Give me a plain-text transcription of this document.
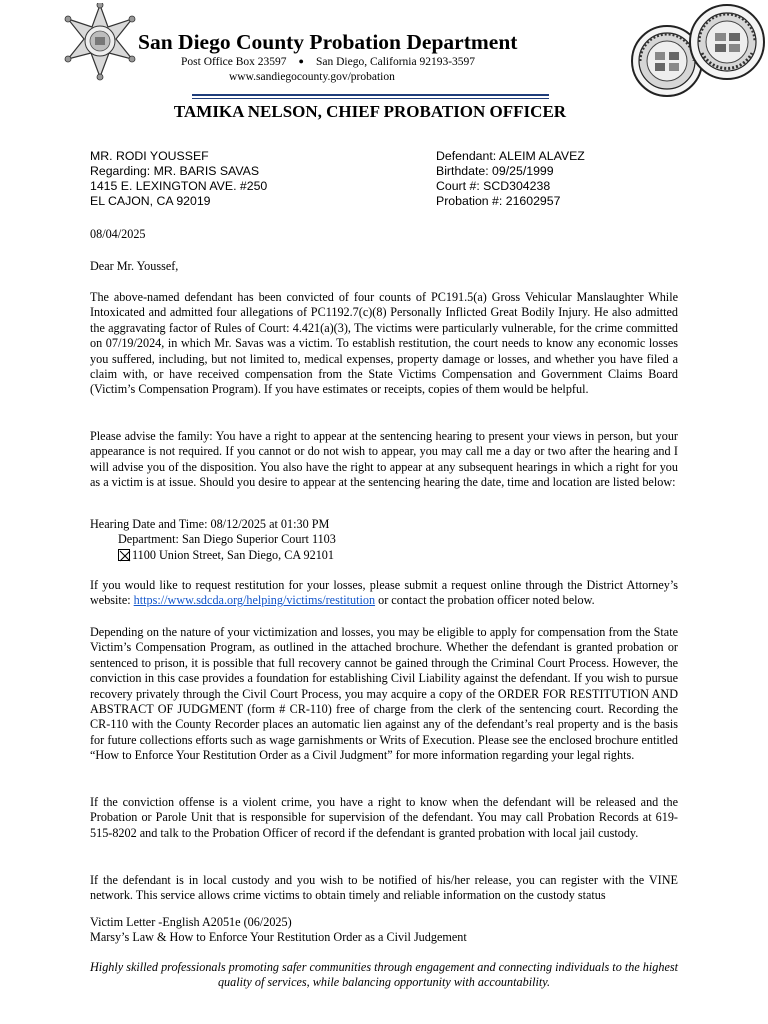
San Diego County Probation Department
Post Office Box 23597 ● San Diego, California 92193-3597
www.sandiegocounty.gov/probation
TAMIKA NELSON, CHIEF PROBATION OFFICER
MR. RODI YOUSSEF
Regarding: MR. BARIS SAVAS
1415 E. LEXINGTON AVE. #250
EL CAJON, CA 92019
Defendant: ALEIM ALAVEZ
Birthdate: 09/25/1999
Court #: SCD304238
Probation #: 21602957
08/04/2025
Dear Mr. Youssef,
The above-named defendant has been convicted of four counts of PC191.5(a) Gross Vehicular Manslaughter While Intoxicated and admitted four allegations of PC1192.7(c)(8) Personally Inflicted Great Bodily Injury. He also admitted the aggravating factor of Rules of Court: 4.421(a)(3), The victims were particularly vulnerable, for the crime committed on 07/19/2024, in which Mr. Savas was a victim. To establish restitution, the court needs to know any economic losses you suffered, including, but not limited to, medical expenses, property damage or losses, and whether you have filed a claim with, or have received compensation from the State Victims Compensation and Government Claims Board (Victim’s Compensation Program). If you have estimates or receipts, copies of them would be helpful.
Please advise the family: You have a right to appear at the sentencing hearing to present your views in person, but your appearance is not required. If you cannot or do not wish to appear, you may call me a day or two after the hearing and I will advise you of the disposition. You also have the right to appear at any subsequent hearings in which a right for you as a victim is at issue. Should you desire to appear at the sentencing hearing the date, time and location are listed below:
Hearing Date and Time: 08/12/2025 at 01:30 PM
Department: San Diego Superior Court 1103
1100 Union Street, San Diego, CA 92101
If you would like to request restitution for your losses, please submit a request online through the District Attorney’s website: https://www.sdcda.org/helping/victims/restitution or contact the probation officer noted below.
Depending on the nature of your victimization and losses, you may be eligible to apply for compensation from the State Victim’s Compensation Program, as outlined in the attached brochure. Whether the defendant is granted probation or sentenced to prison, it is possible that full recovery cannot be gained through the Criminal Court Process. However, the conviction in this case provides a foundation for establishing Civil Liability against the defendant. If you wish to pursue recovery privately through the Civil Court Process, you may acquire a copy of the ORDER FOR RESTITUTION AND ABSTRACT OF JUDGMENT (form # CR-110) free of charge from the clerk of the sentencing court. Recording the CR-110 with the County Recorder places an automatic lien against any of the defendant’s real property and is the basis for future collections efforts such as wage garnishments or Writs of Execution. Please see the enclosed brochure entitled “How to Enforce Your Restitution Order as a Civil Judgment” for more information regarding your legal rights.
If the conviction offense is a violent crime, you have a right to know when the defendant will be released and the Probation or Parole Unit that is responsible for supervision of the defendant. You may call Probation Records at 619-515-8202 and talk to the Probation Officer of record if the defendant is granted probation with local jail custody.
If the defendant is in local custody and you wish to be notified of his/her release, you can register with the VINE network. This service allows crime victims to obtain timely and reliable information on the custody status
Victim Letter -English A2051e (06/2025)
Marsy’s Law & How to Enforce Your Restitution Order as a Civil Judgement
Highly skilled professionals promoting safer communities through engagement and connecting individuals to the highest quality of services, while balancing opportunity with accountability.
